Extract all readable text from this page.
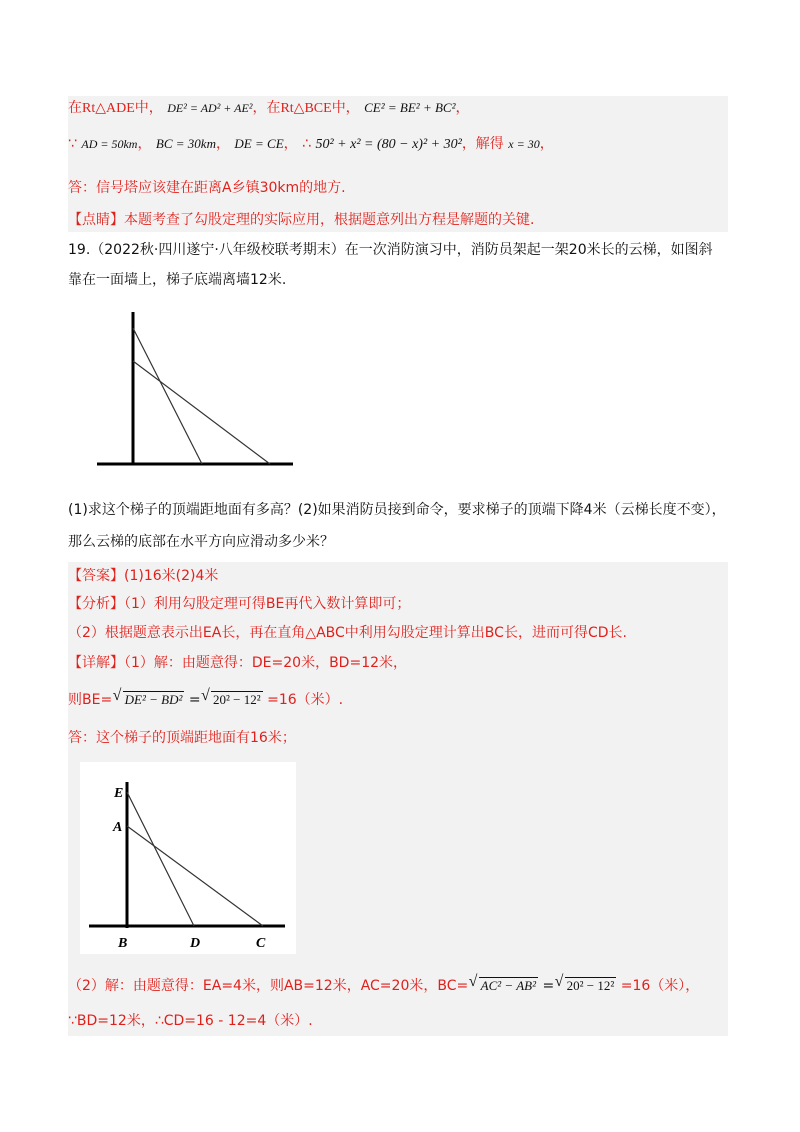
在Rt△ADE中， DE² = AD² + AE²，在Rt△BCE中， CE² = BE² + BC²，
∵ AD = 50km， BC = 30km， DE = CE， ∴ 50² + x² = (80 − x)² + 30²，解得 x = 30，
答：信号塔应该建在距离A乡镇30km的地方.
【点睛】本题考查了勾股定理的实际应用，根据题意列出方程是解题的关键.
19.（2022秋·四川遂宁·八年级校联考期末）在一次消防演习中，消防员架起一架20米长的云梯，如图斜
靠在一面墙上，梯子底端离墙12米.
(1)求这个梯子的顶端距地面有多高？(2)如果消防员接到命令，要求梯子的顶端下降4米（云梯长度不变），
那么云梯的底部在水平方向应滑动多少米？
【答案】(1)16米(2)4米
【分析】（1）利用勾股定理可得BE再代入数计算即可；
（2）根据题意表示出EA长，再在直角△ABC中利用勾股定理计算出BC长，进而可得CD长.
【详解】（1）解：由题意得：DE=20米，BD=12米，
则BE= √ DE² − BD² = √ 20² − 12² =16（米）.
答：这个梯子的顶端距地面有16米；
E
A
B	D	C
（2）解：由题意得：EA=4米，则AB=12米，AC=20米，BC= √ AC² − AB² = √ 20² − 12² =16（米），
∵BD=12米，∴CD=16 - 12=4（米）.
